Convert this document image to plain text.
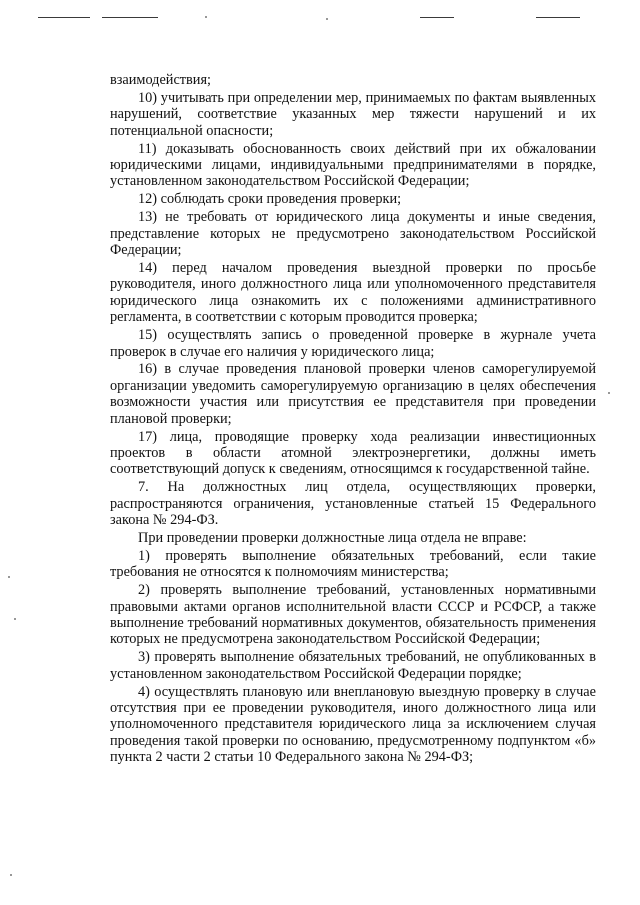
взаимодействия;

10) учитывать при определении мер, принимаемых по фактам выявленных нарушений, соответствие указанных мер тяжести нарушений и их потенциальной опасности;

11) доказывать обоснованность своих действий при их обжаловании юридическими лицами, индивидуальными предпринимателями в порядке, установленном законодательством Российской Федерации;

12) соблюдать сроки проведения проверки;

13) не требовать от юридического лица документы и иные сведения, представление которых не предусмотрено законодательством Российской Федерации;

14) перед началом проведения выездной проверки по просьбе руководителя, иного должностного лица или уполномоченного представителя юридического лица ознакомить их с положениями административного регламента, в соответствии с которым проводится проверка;

15) осуществлять запись о проведенной проверке в журнале учета проверок в случае его наличия у юридического лица;

16) в случае проведения плановой проверки членов саморегулируемой организации уведомить саморегулируемую организацию в целях обеспечения возможности участия или присутствия ее представителя при проведении плановой проверки;

17) лица, проводящие проверку хода реализации инвестиционных проектов в области атомной электроэнергетики, должны иметь соответствующий допуск к сведениям, относящимся к государственной тайне.

7. На должностных лиц отдела, осуществляющих проверки, распространяются ограничения, установленные статьей 15 Федерального закона № 294-ФЗ.

При проведении проверки должностные лица отдела не вправе:

1) проверять выполнение обязательных требований, если такие требования не относятся к полномочиям министерства;

2) проверять выполнение требований, установленных нормативными правовыми актами органов исполнительной власти СССР и РСФСР, а также выполнение требований нормативных документов, обязательность применения которых не предусмотрена законодательством Российской Федерации;

3) проверять выполнение обязательных требований, не опубликованных в установленном законодательством Российской Федерации порядке;

4) осуществлять плановую или внеплановую выездную проверку в случае отсутствия при ее проведении руководителя, иного должностного лица или уполномоченного представителя юридического лица за исключением случая проведения такой проверки по основанию, предусмотренному подпунктом «б» пункта 2 части 2 статьи 10 Федерального закона № 294-ФЗ;
